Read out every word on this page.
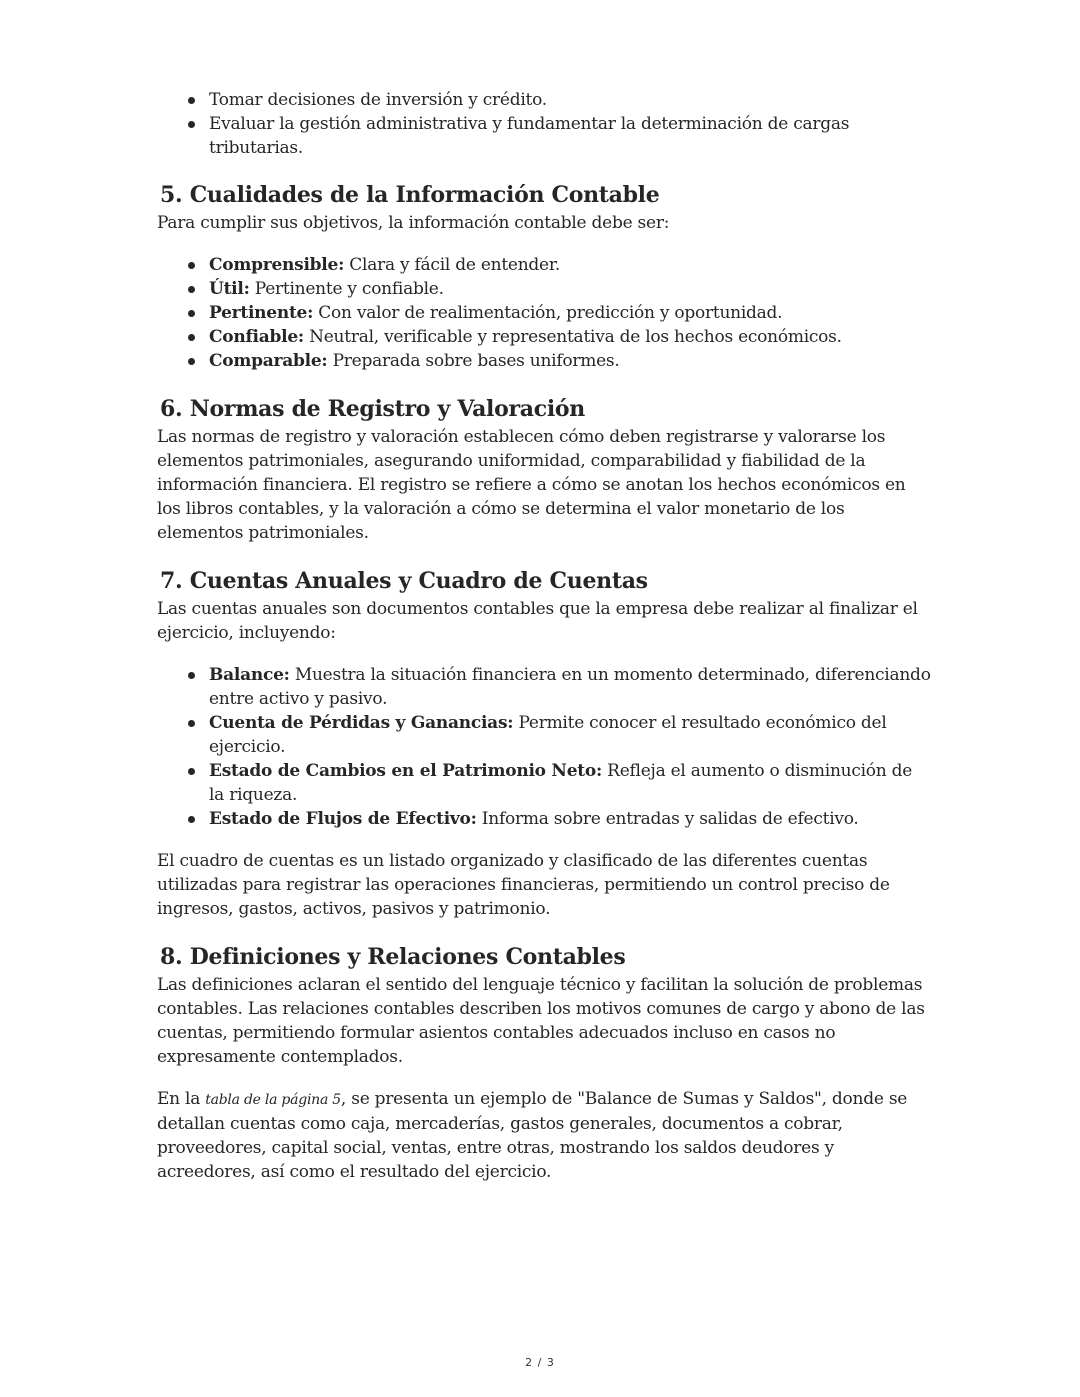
Tomar decisiones de inversión y crédito.
Evaluar la gestión administrativa y fundamentar la determinación de cargas tributarias.
5. Cualidades de la Información Contable

Para cumplir sus objetivos, la información contable debe ser:

Comprensible: Clara y fácil de entender.
Útil: Pertinente y confiable.
Pertinente: Con valor de realimentación, predicción y oportunidad.
Confiable: Neutral, verificable y representativa de los hechos económicos.
Comparable: Preparada sobre bases uniformes.
6. Normas de Registro y Valoración

Las normas de registro y valoración establecen cómo deben registrarse y valorarse los elementos patrimoniales, asegurando uniformidad, comparabilidad y fiabilidad de la información financiera. El registro se refiere a cómo se anotan los hechos económicos en los libros contables, y la valoración a cómo se determina el valor monetario de los elementos patrimoniales.

7. Cuentas Anuales y Cuadro de Cuentas

Las cuentas anuales son documentos contables que la empresa debe realizar al finalizar el ejercicio, incluyendo:

Balance: Muestra la situación financiera en un momento determinado, diferenciando entre activo y pasivo.
Cuenta de Pérdidas y Ganancias: Permite conocer el resultado económico del ejercicio.
Estado de Cambios en el Patrimonio Neto: Refleja el aumento o disminución de la riqueza.
Estado de Flujos de Efectivo: Informa sobre entradas y salidas de efectivo.

El cuadro de cuentas es un listado organizado y clasificado de las diferentes cuentas utilizadas para registrar las operaciones financieras, permitiendo un control preciso de ingresos, gastos, activos, pasivos y patrimonio.

8. Definiciones y Relaciones Contables

Las definiciones aclaran el sentido del lenguaje técnico y facilitan la solución de problemas contables. Las relaciones contables describen los motivos comunes de cargo y abono de las cuentas, permitiendo formular asientos contables adecuados incluso en casos no expresamente contemplados.

En la tabla de la página 5, se presenta un ejemplo de "Balance de Sumas y Saldos", donde se detallan cuentas como caja, mercaderías, gastos generales, documentos a cobrar, proveedores, capital social, ventas, entre otras, mostrando los saldos deudores y acreedores, así como el resultado del ejercicio.

2 / 3
